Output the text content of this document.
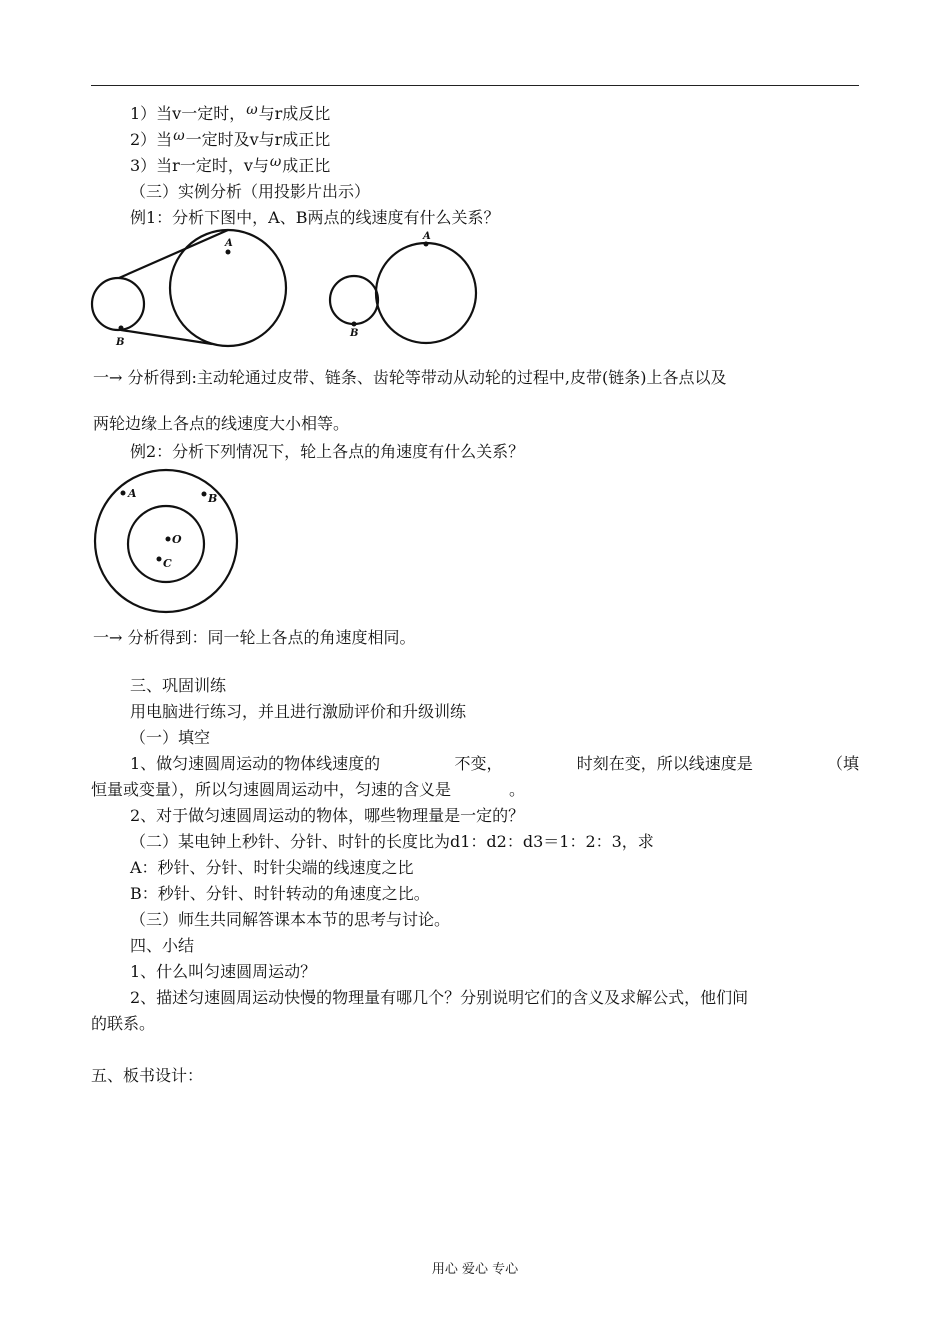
1）当v一定时，ω与r成反比
2）当ω一定时及v与r成正比
3）当r一定时，v与ω成正比
（三）实例分析（用投影片出示）
例1：分析下图中，A、B两点的线速度有什么关系？
A
B
A
B
一→ 分析得到:主动轮通过皮带、链条、齿轮等带动从动轮的过程中,皮带(链条)上各点以及
两轮边缘上各点的线速度大小相等。
例2：分析下列情况下，轮上各点的角速度有什么关系？
A	B
O
C
一→ 分析得到：同一轮上各点的角速度相同。
三、巩固训练
用电脑进行练习，并且进行激励评价和升级训练
（一）填空
1、做匀速圆周运动的物体线速度的	不变，	时刻在变，所以线速度是	（填
恒量或变量），所以匀速圆周运动中，匀速的含义是	。
2、对于做匀速圆周运动的物体，哪些物理量是一定的？
（二）某电钟上秒针、分针、时针的长度比为d1：d2：d3＝1：2：3，求
A：秒针、分针、时针尖端的线速度之比
B：秒针、分针、时针转动的角速度之比。
（三）师生共同解答课本本节的思考与讨论。
四、小结
1、什么叫匀速圆周运动？
2、描述匀速圆周运动快慢的物理量有哪几个？分别说明它们的含义及求解公式，他们间
的联系。
五、板书设计：
用心 爱心 专心
